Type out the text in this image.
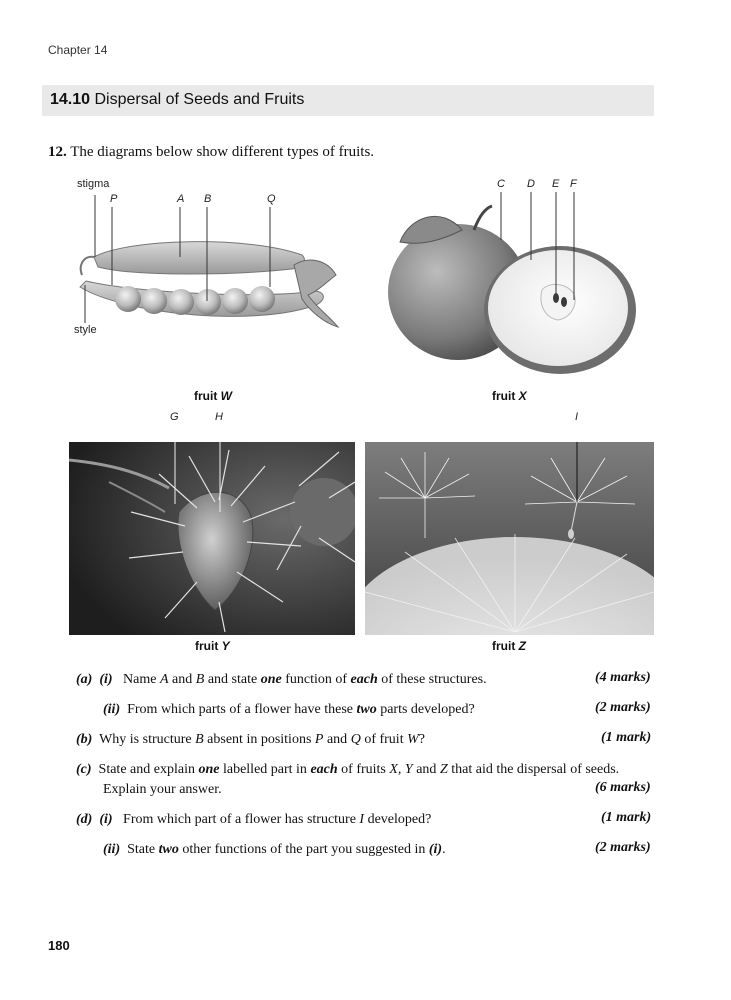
Chapter 14
14.10 Dispersal of Seeds and Fruits
12. The diagrams below show different types of fruits.
stigma
P	A B	Q
style
fruit W
C D E F
fruit X
G	H
fruit Y
I
fruit Z
(a) (i) Name A and B and state one function of each of these structures.	(4 marks)
(ii) From which parts of a flower have these two parts developed?	(2 marks)
(b) Why is structure B absent in positions P and Q of fruit W?	(1 mark)
(c) State and explain one labelled part in each of fruits X, Y and Z that aid the dispersal of seeds.
Explain your answer.	(6 marks)
(d) (i) From which part of a flower has structure I developed?	(1 mark)
(ii) State two other functions of the part you suggested in (i).	(2 marks)
180
